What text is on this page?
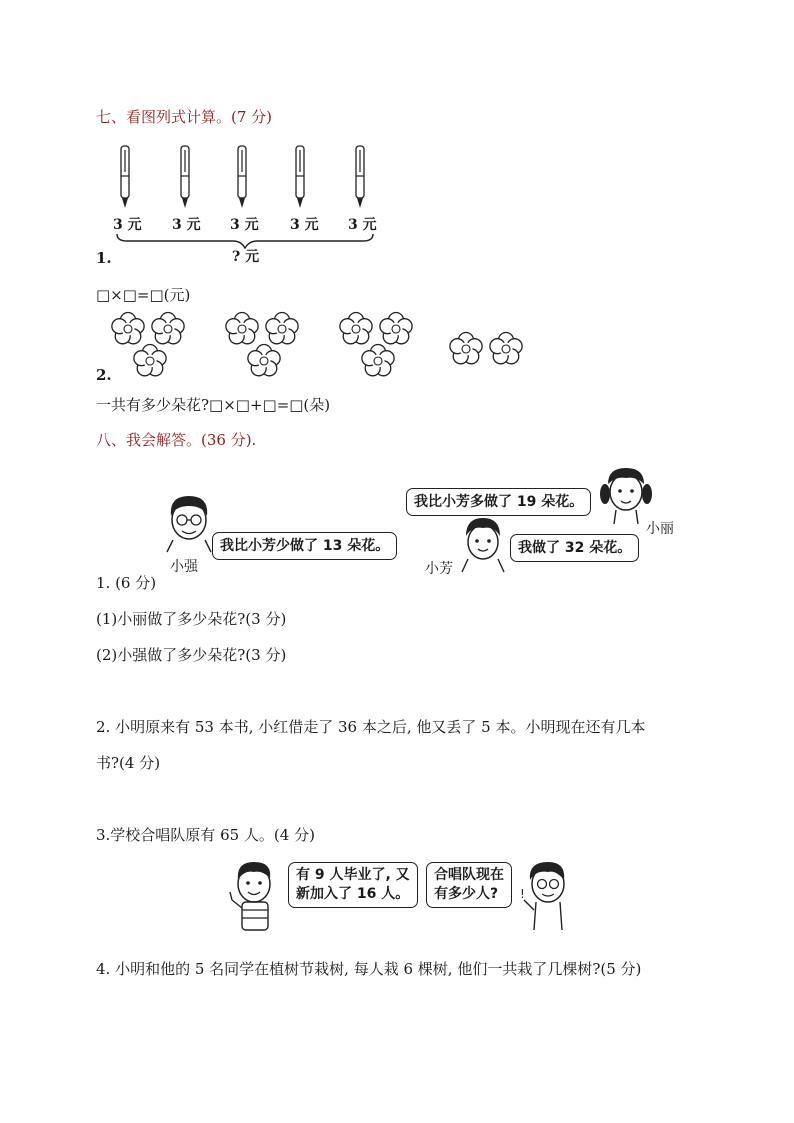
七、看图列式计算。(7 分)
3 元 3 元 3 元 3 元 3 元
? 元
1.
□×□=□(元)
2.
一共有多少朵花?□×□+□=□(朵)
八、我会解答。(36 分).
小强
我比小芳少做了 13 朵花。
我比小芳多做了 19 朵花。
小丽
小芳
我做了 32 朵花。
1. (6 分)
(1)小丽做了多少朵花?(3 分)
(2)小强做了多少朵花?(3 分)
2. 小明原来有 53 本书, 小红借走了 36 本之后, 他又丢了 5 本。小明现在还有几本
书?(4 分)
3.学校合唱队原有 65 人。(4 分)
有 9 人毕业了, 又
新加入了 16 人。
合唱队现在
有多少人?	!
4. 小明和他的 5 名同学在植树节栽树, 每人栽 6 棵树, 他们一共栽了几棵树?(5 分)
